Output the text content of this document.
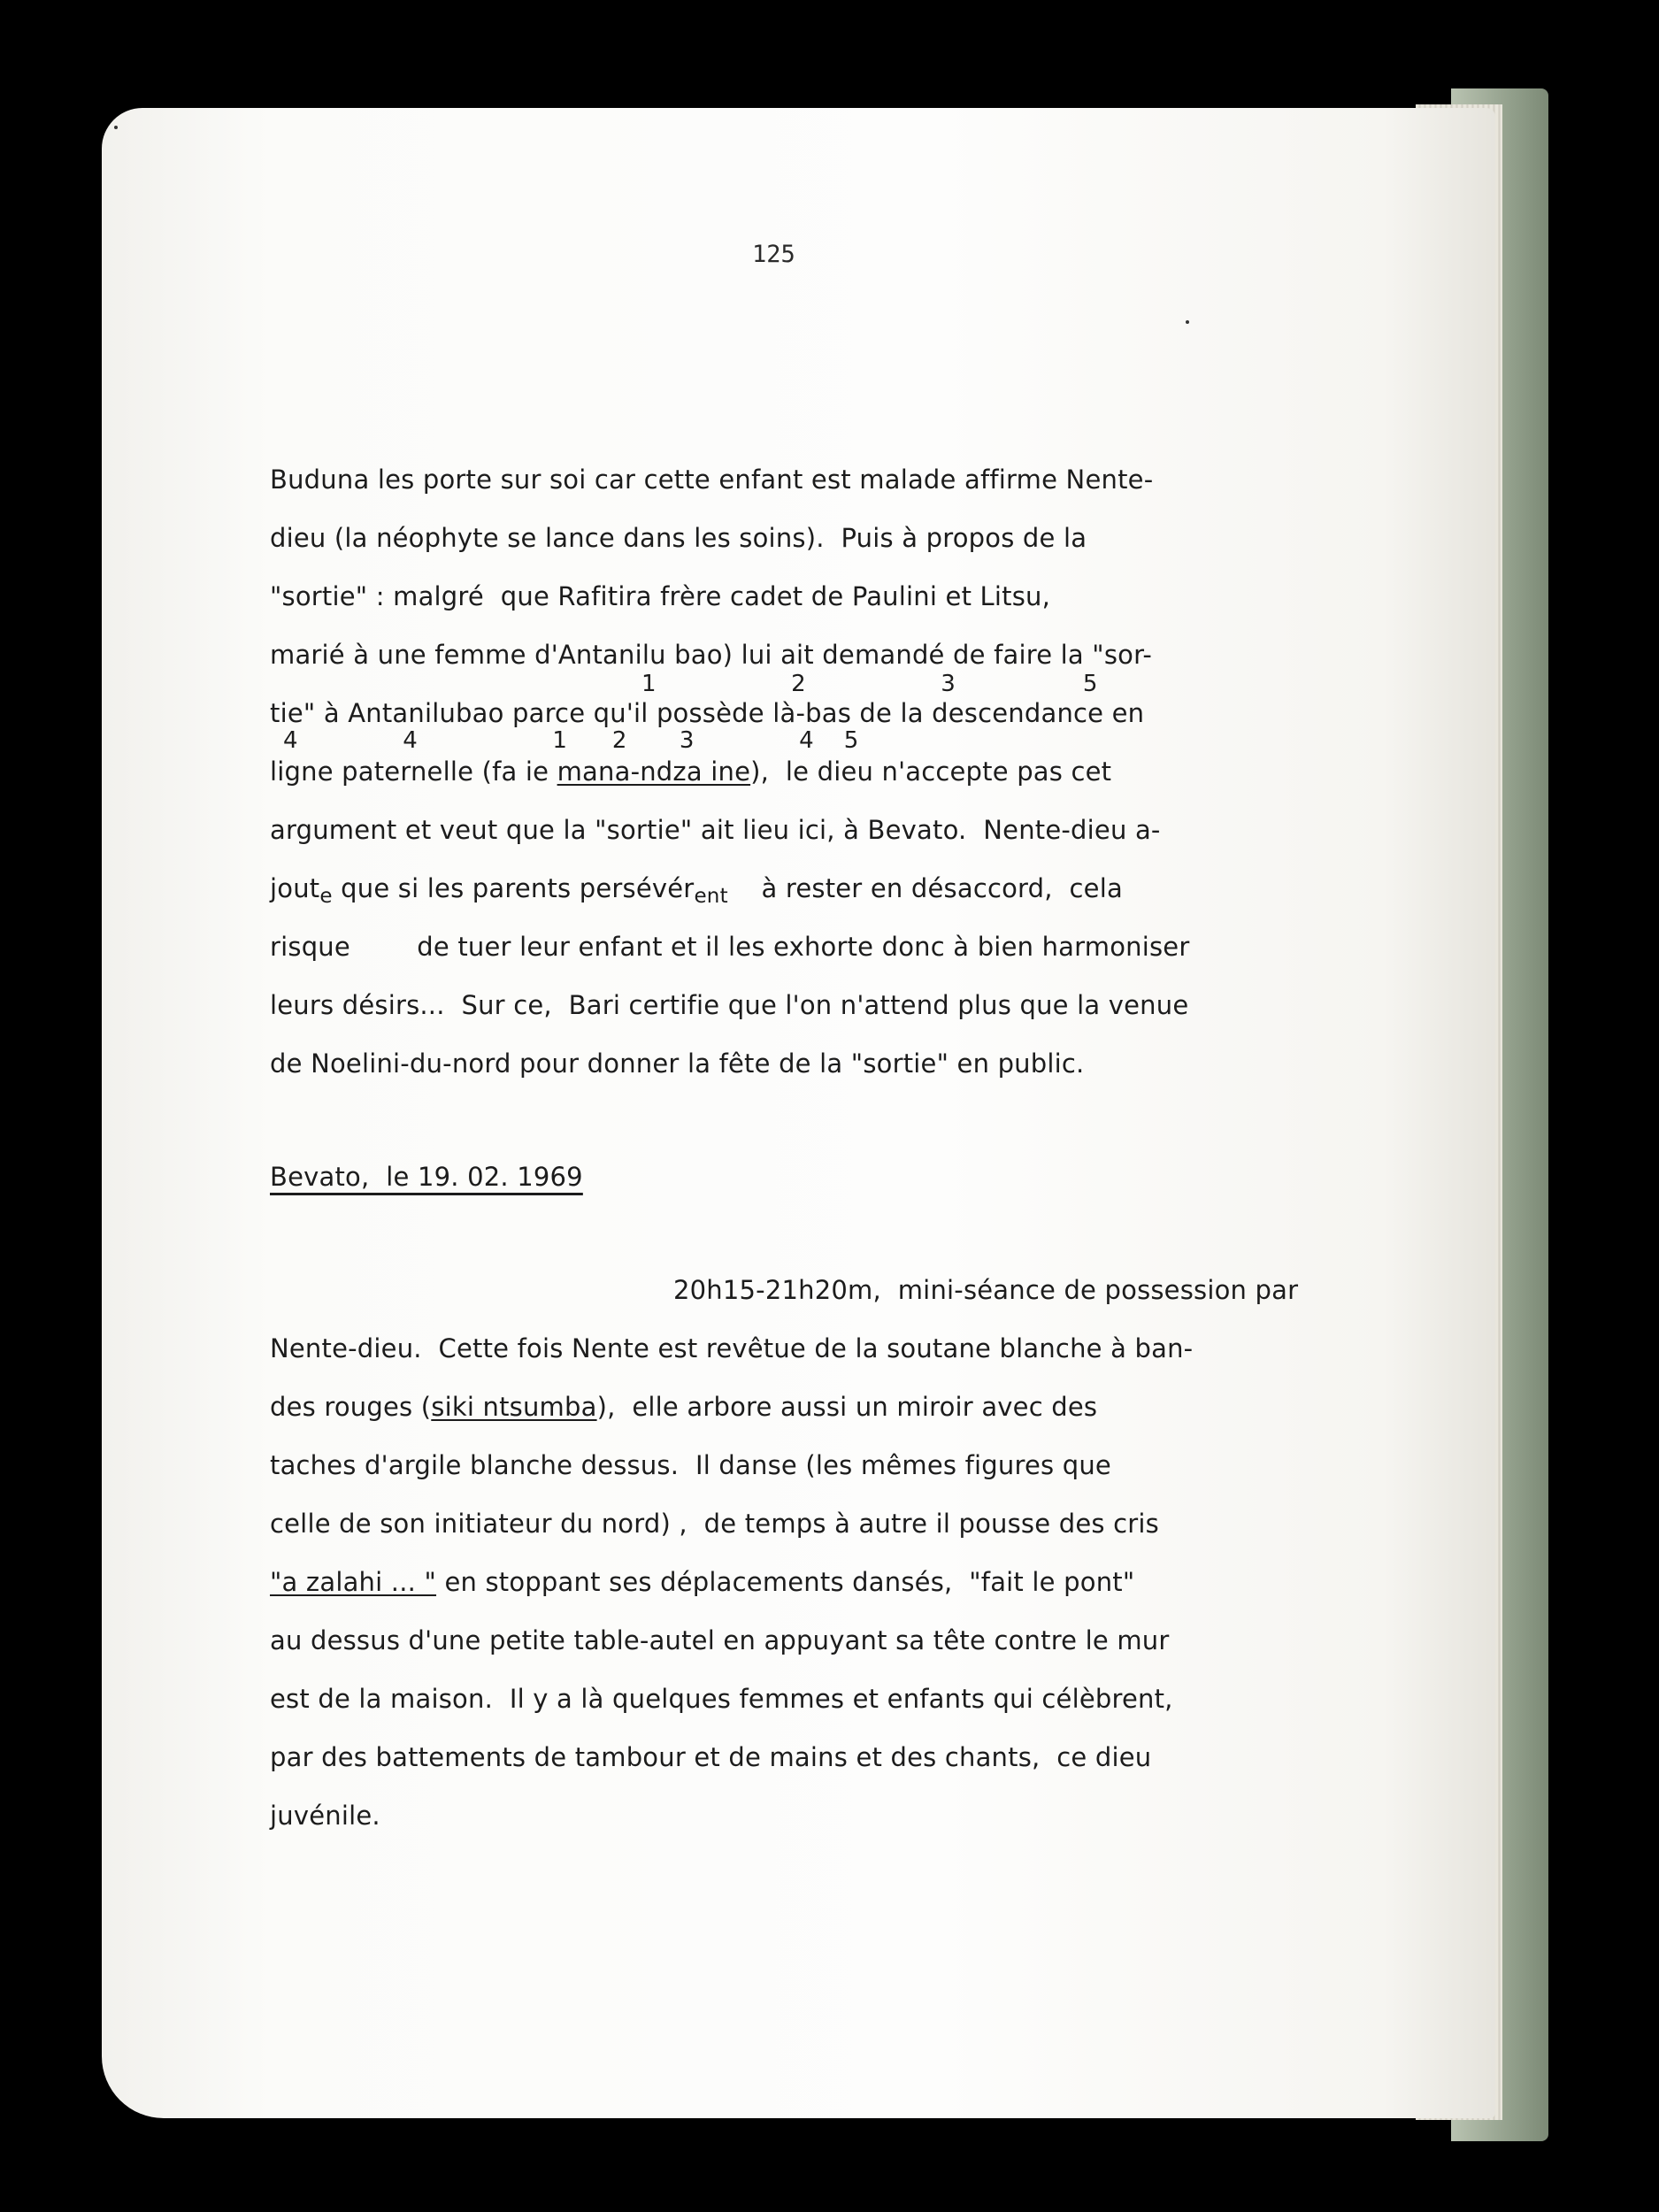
125
Buduna les porte sur soi car cette enfant est malade affirme Nente-
dieu (la néophyte se lance dans les soins).  Puis à propos de la
"sortie" : malgré  que Rafitira frère cadet de Paulini et Litsu,
marié à une femme d'Antanilu bao) lui ait demandé de faire la "sor-
1                  2                  3                 5
tie" à Antanilubao parce qu'il possède là-bas de la descendance en
4              4                  1      2       3              4    5
ligne paternelle (fa ie mana-ndza ine),  le dieu n'accepte pas cet
argument et veut que la "sortie" ait lieu ici, à Bevato.  Nente-dieu a-
jout$_e$ que si les parents persévér$_{ent}$    à rester en désaccord,  cela
risque        de tuer leur enfant et il les exhorte donc à bien harmoniser
leurs désirs...  Sur ce,  Bari certifie que l'on n'attend plus que la venue
de Noelini-du-nord pour donner la fête de la "sortie" en public.
Bevato,  le 19. 02. 1969
20h15-21h20m,  mini-séance de possession par
Nente-dieu.  Cette fois Nente est revêtue de la soutane blanche à ban-
des rouges (siki ntsumba),  elle arbore aussi un miroir avec des
taches d'argile blanche dessus.  Il danse (les mêmes figures que
celle de son initiateur du nord) ,  de temps à autre il pousse des cris
"a zalahi ... " en stoppant ses déplacements dansés,  "fait le pont"
au dessus d'une petite table-autel en appuyant sa tête contre le mur
est de la maison.  Il y a là quelques femmes et enfants qui célèbrent,
par des battements de tambour et de mains et des chants,  ce dieu
juvénile.
